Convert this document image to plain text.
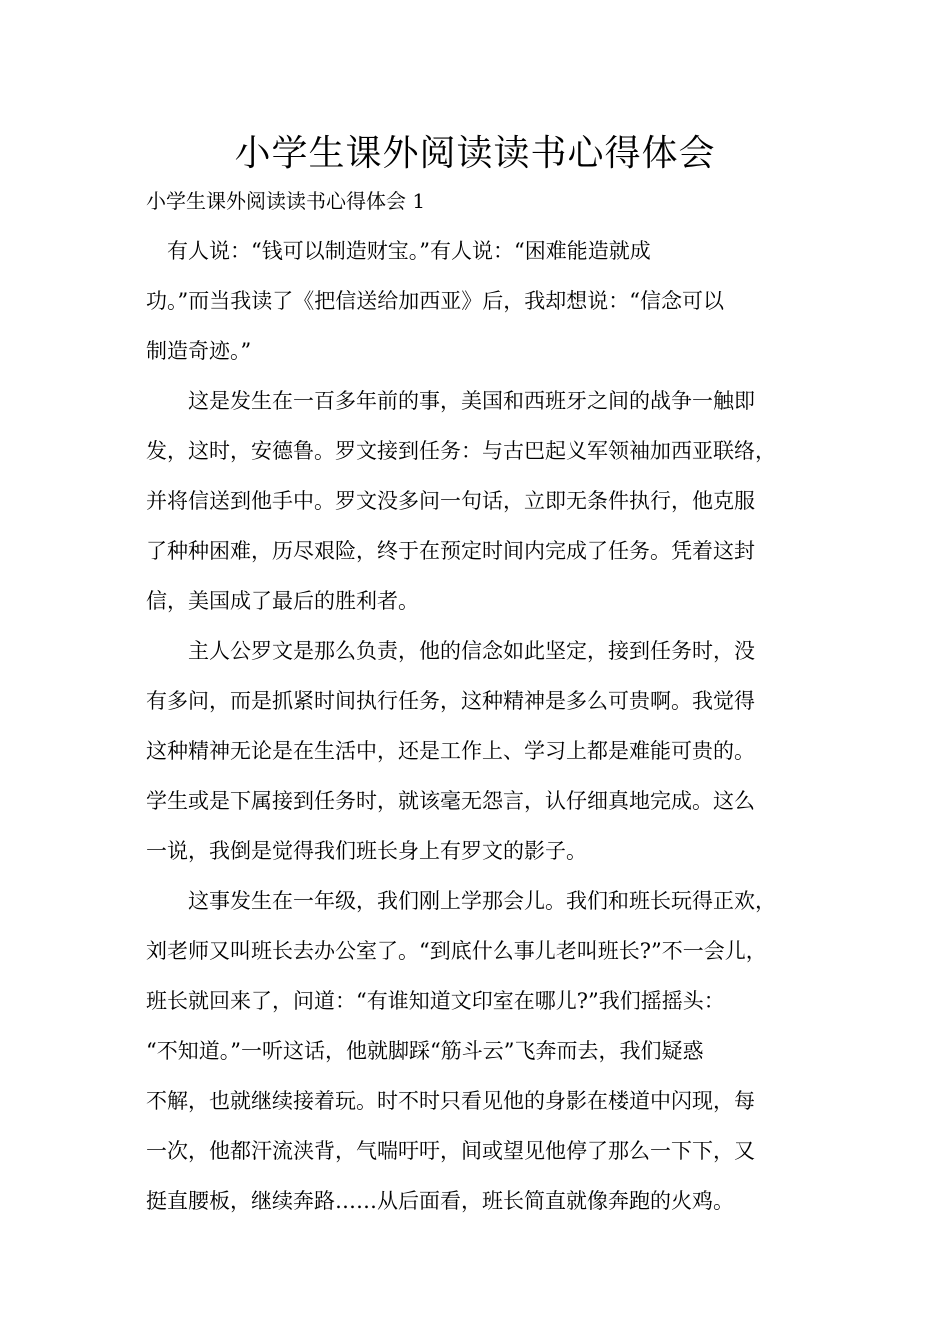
小学生课外阅读读书心得体会
小学生课外阅读读书心得体会 1
　有人说：“钱可以制造财宝。”有人说：“困难能造就成
功。”而当我读了《把信送给加西亚》后，我却想说：“信念可以
制造奇迹。”
　　这是发生在一百多年前的事，美国和西班牙之间的战争一触即
发，这时，安德鲁。罗文接到任务：与古巴起义军领袖加西亚联络，
并将信送到他手中。罗文没多问一句话，立即无条件执行，他克服
了种种困难，历尽艰险，终于在预定时间内完成了任务。凭着这封
信，美国成了最后的胜利者。
　　主人公罗文是那么负责，他的信念如此坚定，接到任务时，没
有多问，而是抓紧时间执行任务，这种精神是多么可贵啊。我觉得
这种精神无论是在生活中，还是工作上、学习上都是难能可贵的。
学生或是下属接到任务时，就该毫无怨言，认仔细真地完成。这么
一说，我倒是觉得我们班长身上有罗文的影子。
　　这事发生在一年级，我们刚上学那会儿。我们和班长玩得正欢，
刘老师又叫班长去办公室了。“到底什么事儿老叫班长?”不一会儿，
班长就回来了，问道：“有谁知道文印室在哪儿?”我们摇摇头：
“不知道。”一听这话，他就脚踩“筋斗云”飞奔而去，我们疑惑
不解，也就继续接着玩。时不时只看见他的身影在楼道中闪现，每
一次，他都汗流浃背，气喘吁吁，间或望见他停了那么一下下，又
挺直腰板，继续奔路……从后面看，班长简直就像奔跑的火鸡。
